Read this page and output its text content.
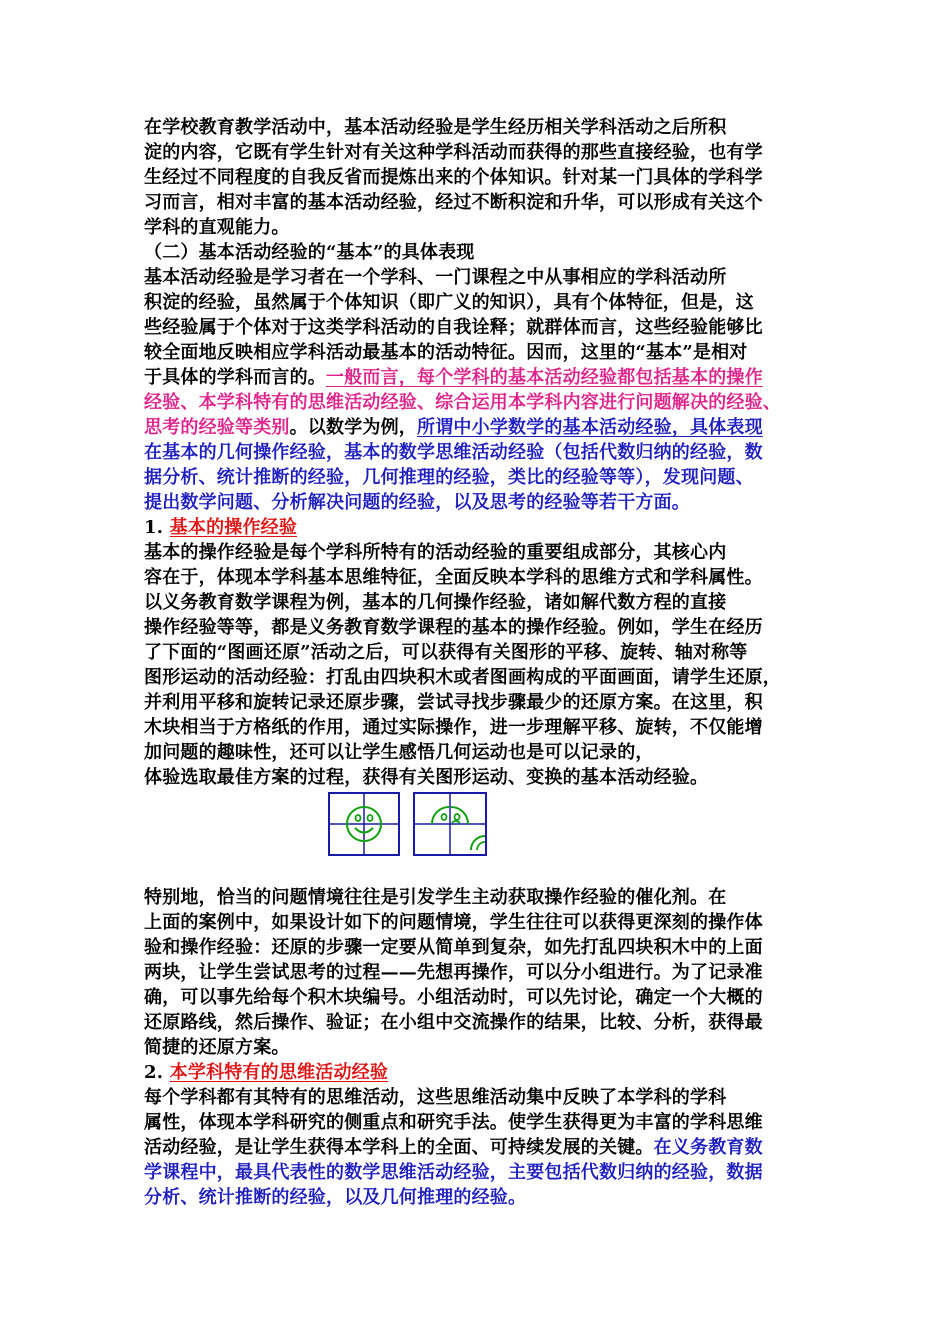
在学校教育教学活动中，基本活动经验是学生经历相关学科活动之后所积
淀的内容，它既有学生针对有关这种学科活动而获得的那些直接经验，也有学
生经过不同程度的自我反省而提炼出来的个体知识。针对某一门具体的学科学
习而言，相对丰富的基本活动经验，经过不断积淀和升华，可以形成有关这个
学科的直观能力。
（二）基本活动经验的“基本”的具体表现
基本活动经验是学习者在一个学科、一门课程之中从事相应的学科活动所
积淀的经验，虽然属于个体知识（即广义的知识），具有个体特征，但是，这
些经验属于个体对于这类学科活动的自我诠释；就群体而言，这些经验能够比
较全面地反映相应学科活动最基本的活动特征。因而，这里的“基本”是相对
于具体的学科而言的。一般而言，每个学科的基本活动经验都包括基本的操作
经验、本学科特有的思维活动经验、综合运用本学科内容进行问题解决的经验、
思考的经验等类别。以数学为例，所谓中小学数学的基本活动经验，具体表现
在基本的几何操作经验，基本的数学思维活动经验（包括代数归纳的经验，数
据分析、统计推断的经验，几何推理的经验，类比的经验等等），发现问题、
提出数学问题、分析解决问题的经验，以及思考的经验等若干方面。
1. 基本的操作经验
基本的操作经验是每个学科所特有的活动经验的重要组成部分，其核心内
容在于，体现本学科基本思维特征，全面反映本学科的思维方式和学科属性。
以义务教育数学课程为例，基本的几何操作经验，诸如解代数方程的直接
操作经验等等，都是义务教育数学课程的基本的操作经验。例如，学生在经历
了下面的“图画还原”活动之后，可以获得有关图形的平移、旋转、轴对称等
图形运动的活动经验：打乱由四块积木或者图画构成的平面画面，请学生还原，
并利用平移和旋转记录还原步骤，尝试寻找步骤最少的还原方案。在这里，积
木块相当于方格纸的作用，通过实际操作，进一步理解平移、旋转，不仅能增
加问题的趣味性，还可以让学生感悟几何运动也是可以记录的，
体验选取最佳方案的过程，获得有关图形运动、变换的基本活动经验。
特别地，恰当的问题情境往往是引发学生主动获取操作经验的催化剂。在
上面的案例中，如果设计如下的问题情境，学生往往可以获得更深刻的操作体
验和操作经验：还原的步骤一定要从简单到复杂，如先打乱四块积木中的上面
两块，让学生尝试思考的过程——先想再操作，可以分小组进行。为了记录准
确，可以事先给每个积木块编号。小组活动时，可以先讨论，确定一个大概的
还原路线，然后操作、验证；在小组中交流操作的结果，比较、分析，获得最
简捷的还原方案。
2. 本学科特有的思维活动经验
每个学科都有其特有的思维活动，这些思维活动集中反映了本学科的学科
属性，体现本学科研究的侧重点和研究手法。使学生获得更为丰富的学科思维
活动经验，是让学生获得本学科上的全面、可持续发展的关键。在义务教育数
学课程中，最具代表性的数学思维活动经验，主要包括代数归纳的经验，数据
分析、统计推断的经验，以及几何推理的经验。
